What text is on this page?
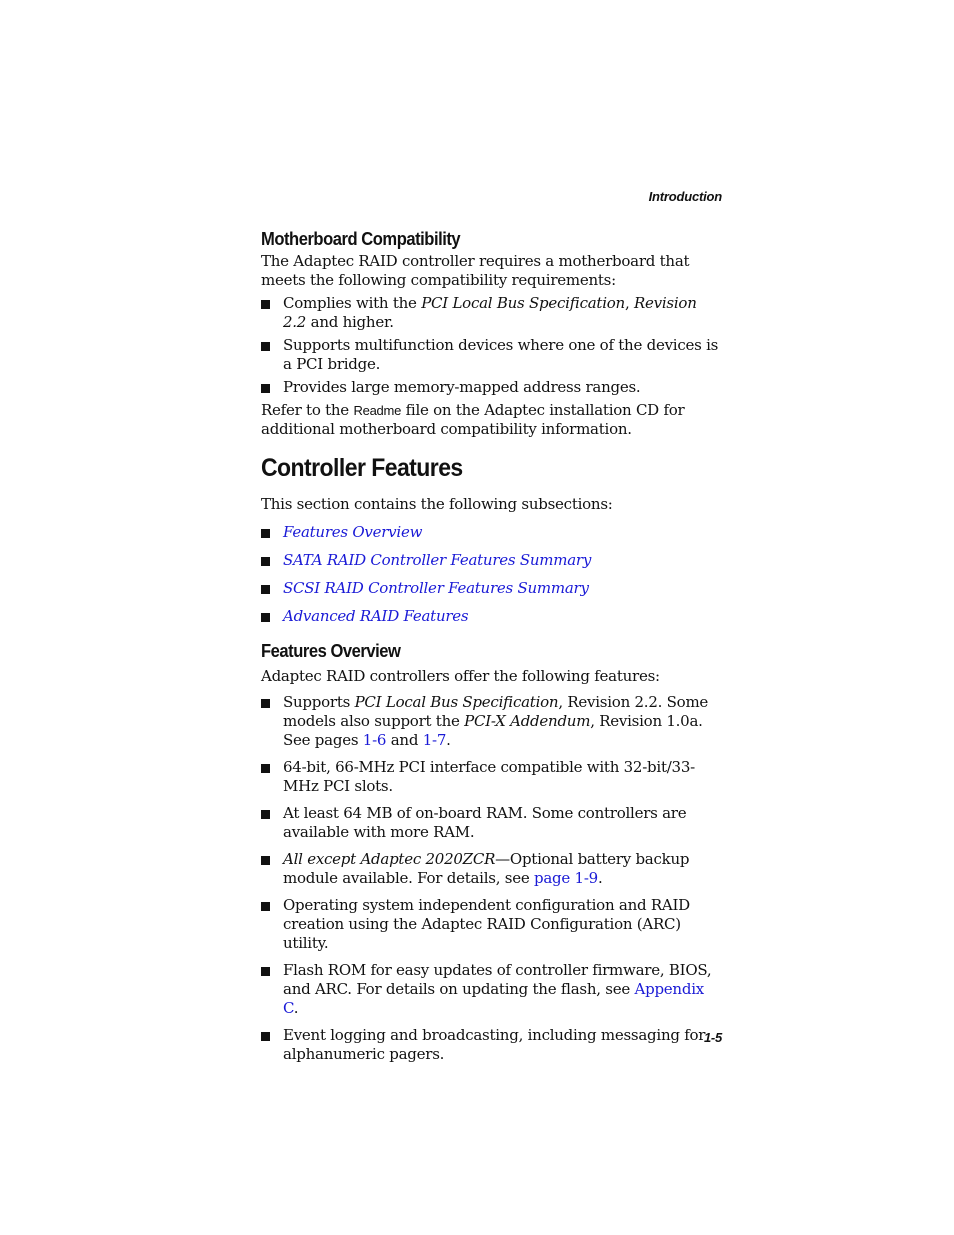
Introduction

Motherboard Compatibility

The Adaptec RAID controller requires a motherboard that meets the following compatibility requirements:

Complies with the PCI Local Bus Specification, Revision 2.2 and higher.
Supports multifunction devices where one of the devices is a PCI bridge.
Provides large memory-mapped address ranges.

Refer to the Readme file on the Adaptec installation CD for additional motherboard compatibility information.

Controller Features

This section contains the following subsections:

Features Overview
SATA RAID Controller Features Summary
SCSI RAID Controller Features Summary
Advanced RAID Features
Features Overview

Adaptec RAID controllers offer the following features:

Supports PCI Local Bus Specification, Revision 2.2. Some models also support the PCI-X Addendum, Revision 1.0a. See pages 1-6 and 1-7.
64-bit, 66-MHz PCI interface compatible with 32-bit/33-MHz PCI slots.
At least 64 MB of on-board RAM. Some controllers are available with more RAM.
All except Adaptec 2020ZCR—Optional battery backup module available. For details, see page 1-9.
Operating system independent configuration and RAID creation using the Adaptec RAID Configuration (ARC) utility.
Flash ROM for easy updates of controller firmware, BIOS, and ARC. For details on updating the flash, see Appendix C.
Event logging and broadcasting, including messaging for alphanumeric pagers.

1-5
